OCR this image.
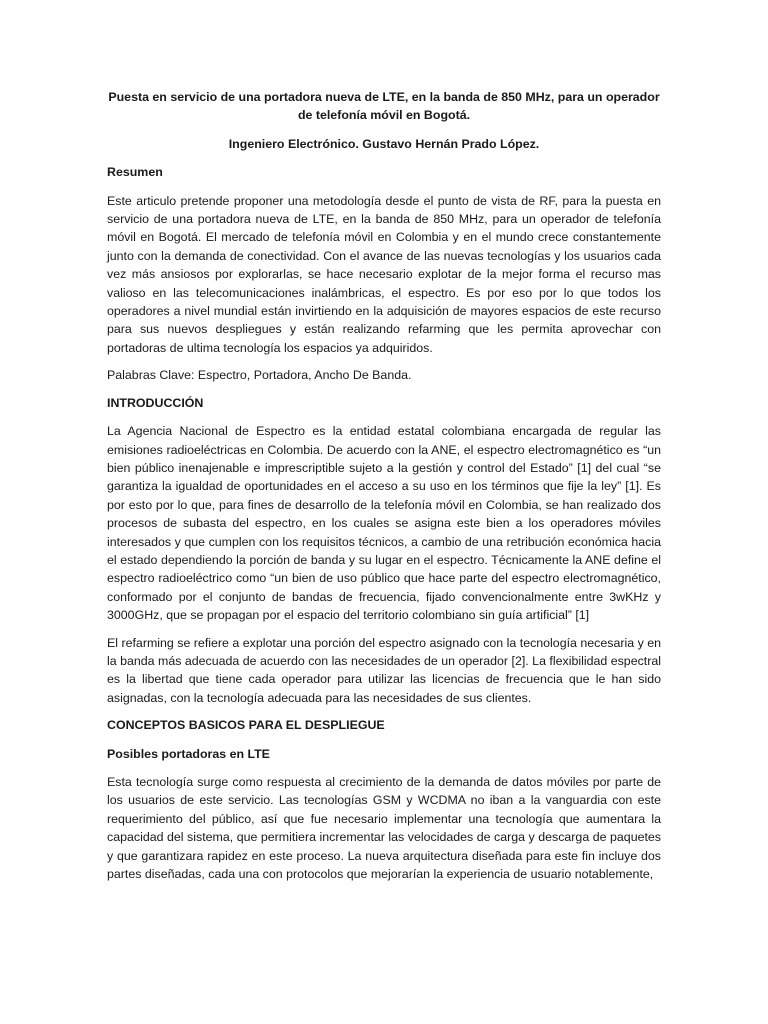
Puesta en servicio de una portadora nueva de LTE, en la banda de 850 MHz, para un operador de telefonía móvil en Bogotá.

Ingeniero Electrónico. Gustavo Hernán Prado López.

Resumen

Este articulo pretende proponer una metodología desde el punto de vista de RF, para la puesta en servicio de una portadora nueva de LTE, en la banda de 850 MHz, para un operador de telefonía móvil en Bogotá. El mercado de telefonía móvil en Colombia y en el mundo crece constantemente junto con la demanda de conectividad. Con el avance de las nuevas tecnologías y los usuarios cada vez más ansiosos por explorarlas, se hace necesario explotar de la mejor forma el recurso mas valioso en las telecomunicaciones inalámbricas, el espectro. Es por eso por lo que todos los operadores a nivel mundial están invirtiendo en la adquisición de mayores espacios de este recurso para sus nuevos despliegues y están realizando refarming que les permita aprovechar con portadoras de ultima tecnología los espacios ya adquiridos.

Palabras Clave: Espectro, Portadora, Ancho De Banda.

INTRODUCCIÓN

La Agencia Nacional de Espectro es la entidad estatal colombiana encargada de regular las emisiones radioeléctricas en Colombia. De acuerdo con la ANE, el espectro electromagnético es “un bien público inenajenable e imprescriptible sujeto a la gestión y control del Estado” [1] del cual “se garantiza la igualdad de oportunidades en el acceso a su uso en los términos que fije la ley” [1]. Es por esto por lo que, para fines de desarrollo de la telefonía móvil en Colombia, se han realizado dos procesos de subasta del espectro, en los cuales se asigna este bien a los operadores móviles interesados y que cumplen con los requisitos técnicos, a cambio de una retribución económica hacia el estado dependiendo la porción de banda y su lugar en el espectro. Técnicamente la ANE define el espectro radioeléctrico como “un bien de uso público que hace parte del espectro electromagnético, conformado por el conjunto de bandas de frecuencia, fijado convencionalmente entre 3wKHz y 3000GHz, que se propagan por el espacio del territorio colombiano sin guía artificial” [1]

El refarming se refiere a explotar una porción del espectro asignado con la tecnología necesaria y en la banda más adecuada de acuerdo con las necesidades de un operador [2]. La flexibilidad espectral es la libertad que tiene cada operador para utilizar las licencias de frecuencia que le han sido asignadas, con la tecnología adecuada para las necesidades de sus clientes.

CONCEPTOS BASICOS PARA EL DESPLIEGUE

Posibles portadoras en LTE

Esta tecnología surge como respuesta al crecimiento de la demanda de datos móviles por parte de los usuarios de este servicio. Las tecnologías GSM y WCDMA no iban a la vanguardia con este requerimiento del público, así que fue necesario implementar una tecnología que aumentara la capacidad del sistema, que permitiera incrementar las velocidades de carga y descarga de paquetes y que garantizara rapidez en este proceso. La nueva arquitectura diseñada para este fin incluye dos partes diseñadas, cada una con protocolos que mejorarían la experiencia de usuario notablemente,
